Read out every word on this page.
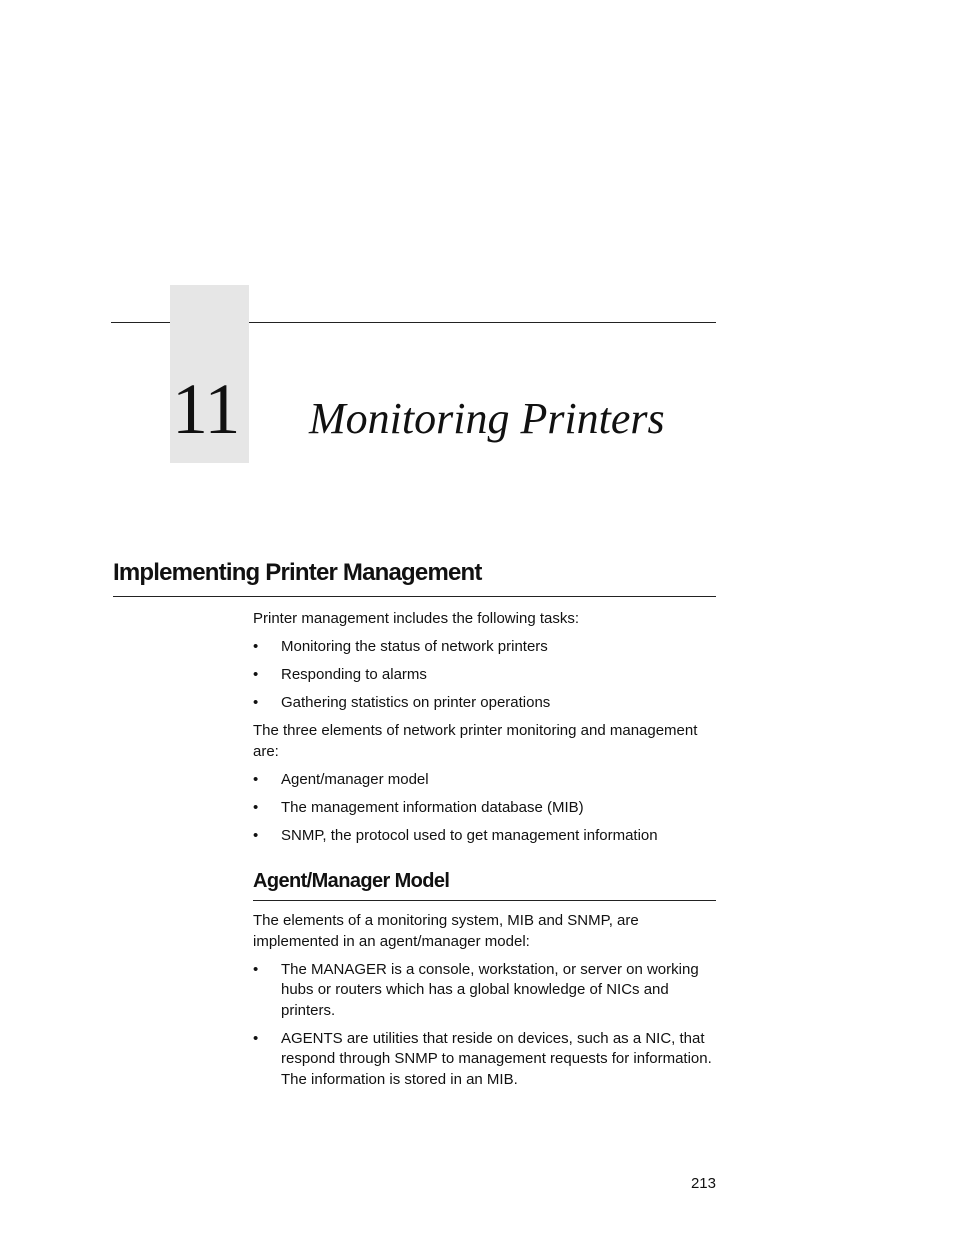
11 Monitoring Printers
Implementing Printer Management

Printer management includes the following tasks:

• Monitoring the status of network printers
• Responding to alarms
• Gathering statistics on printer operations

The three elements of network printer monitoring and management are:

• Agent/manager model
• The management information database (MIB)
• SNMP, the protocol used to get management information
Agent/Manager Model

The elements of a monitoring system, MIB and SNMP, are implemented in an agent/manager model:

• The MANAGER is a console, workstation, or server on working hubs or routers which has a global knowledge of NICs and printers.
• AGENTS are utilities that reside on devices, such as a NIC, that respond through SNMP to management requests for information. The information is stored in an MIB.
213
